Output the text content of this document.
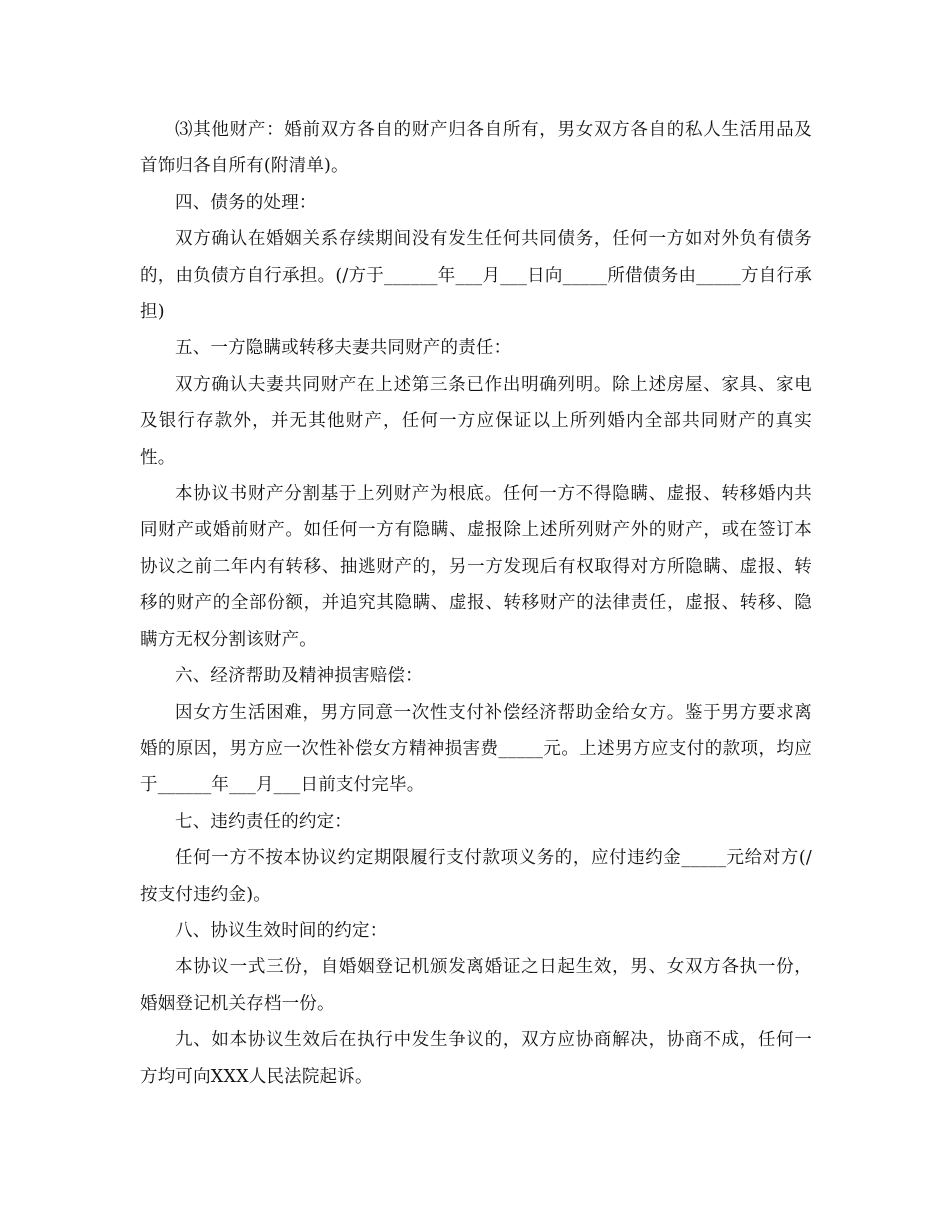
⑶其他财产：婚前双方各自的财产归各自所有，男女双方各自的私人生活用品及首饰归各自所有(附清单)。

四、债务的处理：

双方确认在婚姻关系存续期间没有发生任何共同债务，任何一方如对外负有债务的，由负债方自行承担。(/方于______年___月___日向_____所借债务由_____方自行承担)

五、一方隐瞒或转移夫妻共同财产的责任：

双方确认夫妻共同财产在上述第三条已作出明确列明。除上述房屋、家具、家电及银行存款外，并无其他财产，任何一方应保证以上所列婚内全部共同财产的真实性。

本协议书财产分割基于上列财产为根底。任何一方不得隐瞒、虚报、转移婚内共同财产或婚前财产。如任何一方有隐瞒、虚报除上述所列财产外的财产，或在签订本协议之前二年内有转移、抽逃财产的，另一方发现后有权取得对方所隐瞒、虚报、转移的财产的全部份额，并追究其隐瞒、虚报、转移财产的法律责任，虚报、转移、隐瞒方无权分割该财产。

六、经济帮助及精神损害赔偿：

因女方生活困难，男方同意一次性支付补偿经济帮助金给女方。鉴于男方要求离婚的原因，男方应一次性补偿女方精神损害费_____元。上述男方应支付的款项，均应于______年___月___日前支付完毕。

七、违约责任的约定：

任何一方不按本协议约定期限履行支付款项义务的，应付违约金_____元给对方(/按支付违约金)。

八、协议生效时间的约定：

本协议一式三份，自婚姻登记机颁发离婚证之日起生效，男、女双方各执一份，婚姻登记机关存档一份。

九、如本协议生效后在执行中发生争议的，双方应协商解决，协商不成，任何一方均可向XXX人民法院起诉。
